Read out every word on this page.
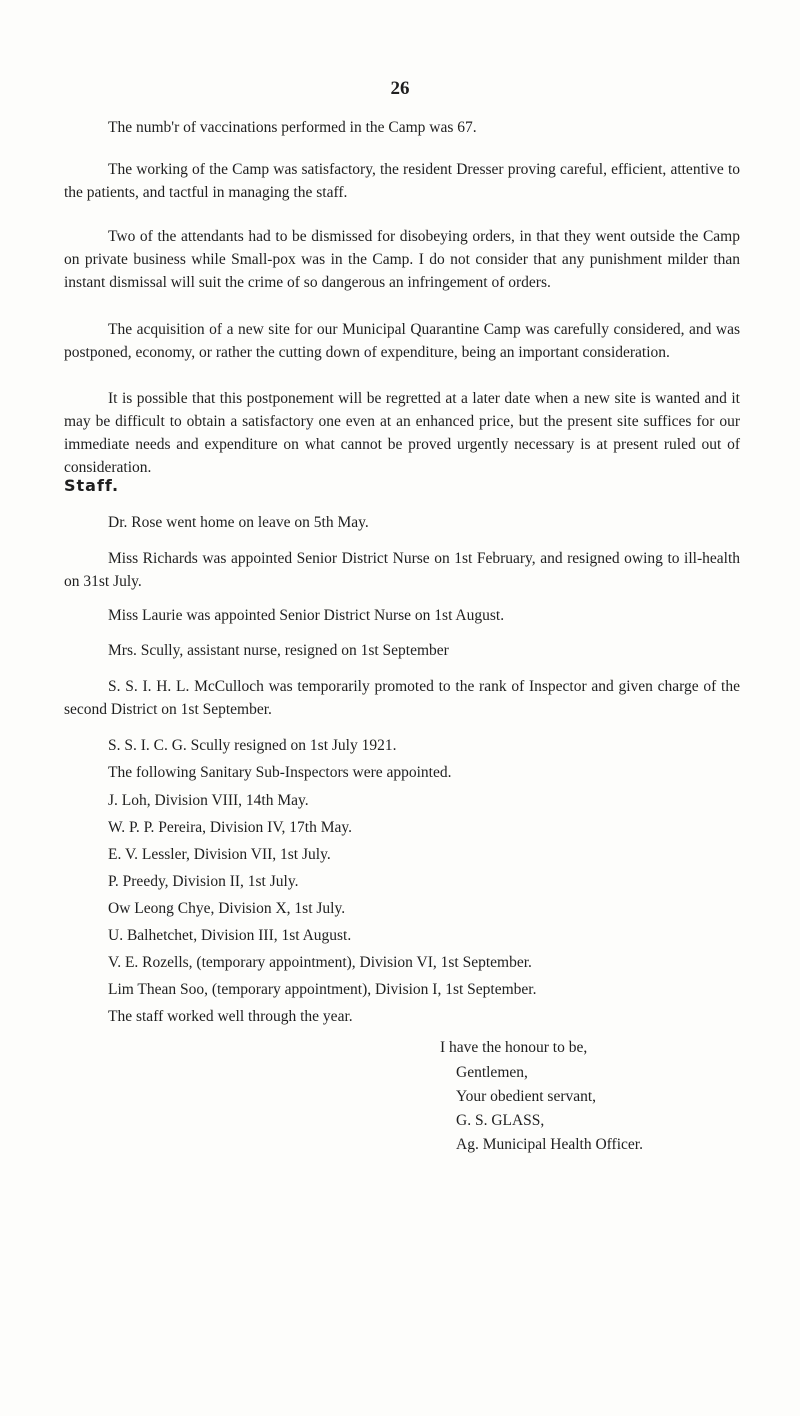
26

The numb'r of vaccinations performed in the Camp was 67.

The working of the Camp was satisfactory, the resident Dresser proving careful, efficient, attentive to the patients, and tactful in managing the staff.

Two of the attendants had to be dismissed for disobeying orders, in that they went outside the Camp on private business while Small-pox was in the Camp. I do not consider that any punishment milder than instant dismissal will suit the crime of so dangerous an infringement of orders.

The acquisition of a new site for our Municipal Quarantine Camp was carefully considered, and was postponed, economy, or rather the cutting down of expenditure, being an important consideration.

It is possible that this postponement will be regretted at a later date when a new site is wanted and it may be difficult to obtain a satisfactory one even at an enhanced price, but the present site suffices for our immediate needs and expenditure on what cannot be proved urgently necessary is at present ruled out of consideration.

Staff.

Dr. Rose went home on leave on 5th May.

Miss Richards was appointed Senior District Nurse on 1st February, and resigned owing to ill-health on 31st July.

Miss Laurie was appointed Senior District Nurse on 1st August.

Mrs. Scully, assistant nurse, resigned on 1st September

S. S. I. H. L. McCulloch was temporarily promoted to the rank of Inspector and given charge of the second District on 1st September.

S. S. I. C. G. Scully resigned on 1st July 1921.
The following Sanitary Sub-Inspectors were appointed.
J. Loh, Division VIII, 14th May.
W. P. P. Pereira, Division IV, 17th May.
E. V. Lessler, Division VII, 1st July.
P. Preedy, Division II, 1st July.
Ow Leong Chye, Division X, 1st July.
U. Balhetchet, Division III, 1st August.
V. E. Rozells, (temporary appointment), Division VI, 1st September.
Lim Thean Soo, (temporary appointment), Division I, 1st September.
The staff worked well through the year.
I have the honour to be,
Gentlemen,
Your obedient servant,
G. S. GLASS,
Ag. Municipal Health Officer.
